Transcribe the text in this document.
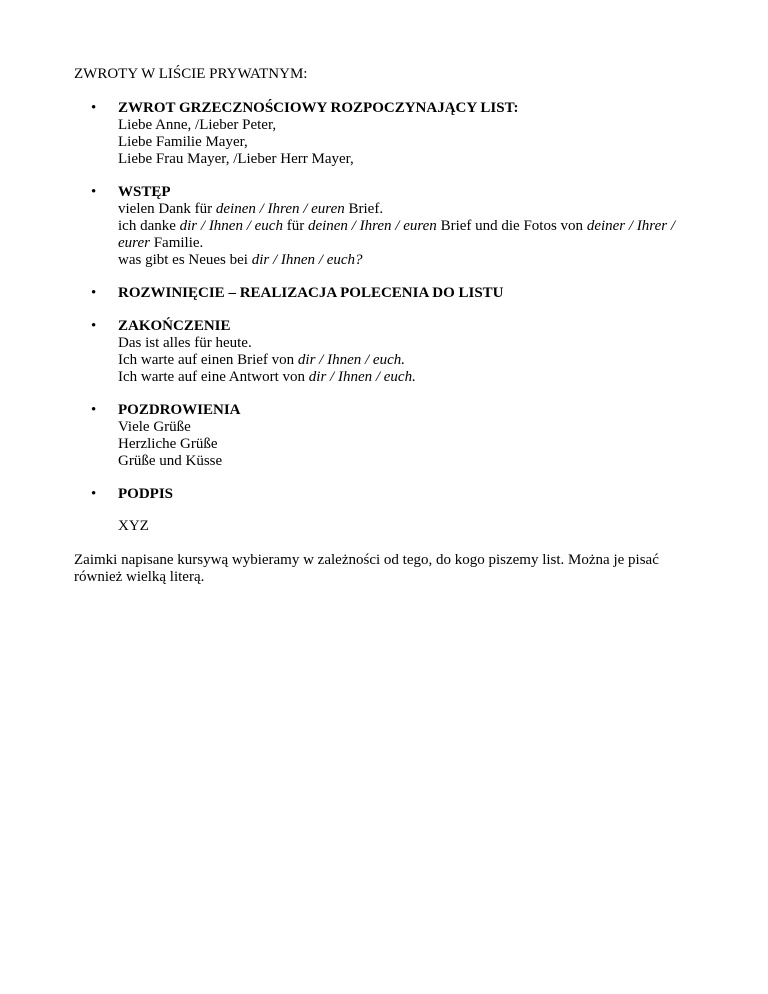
ZWROTY W LIŚCIE PRYWATNYM:
• ZWROT GRZECZNOŚCIOWY ROZPOCZYNAJĄCY LIST:
Liebe Anne, /Lieber Peter,
Liebe Familie Mayer,
Liebe Frau Mayer, /Lieber Herr Mayer,
• WSTĘP
vielen Dank für deinen / Ihren / euren Brief.
ich danke dir / Ihnen / euch für deinen / Ihren / euren Brief und die Fotos von deiner / Ihrer / eurer Familie.
was gibt es Neues bei dir / Ihnen / euch?
• ROZWINIĘCIE – REALIZACJA POLECENIA DO LISTU
• ZAKOŃCZENIE
Das ist alles für heute.
Ich warte auf einen Brief von dir / Ihnen / euch.
Ich warte auf eine Antwort von dir / Ihnen / euch.
• POZDROWIENIA
Viele Grüße
Herzliche Grüße
Grüße und Küsse
• PODPIS
XYZ
Zaimki napisane kursywą wybieramy w zależności od tego, do kogo piszemy list. Można je pisać również wielką literą.
